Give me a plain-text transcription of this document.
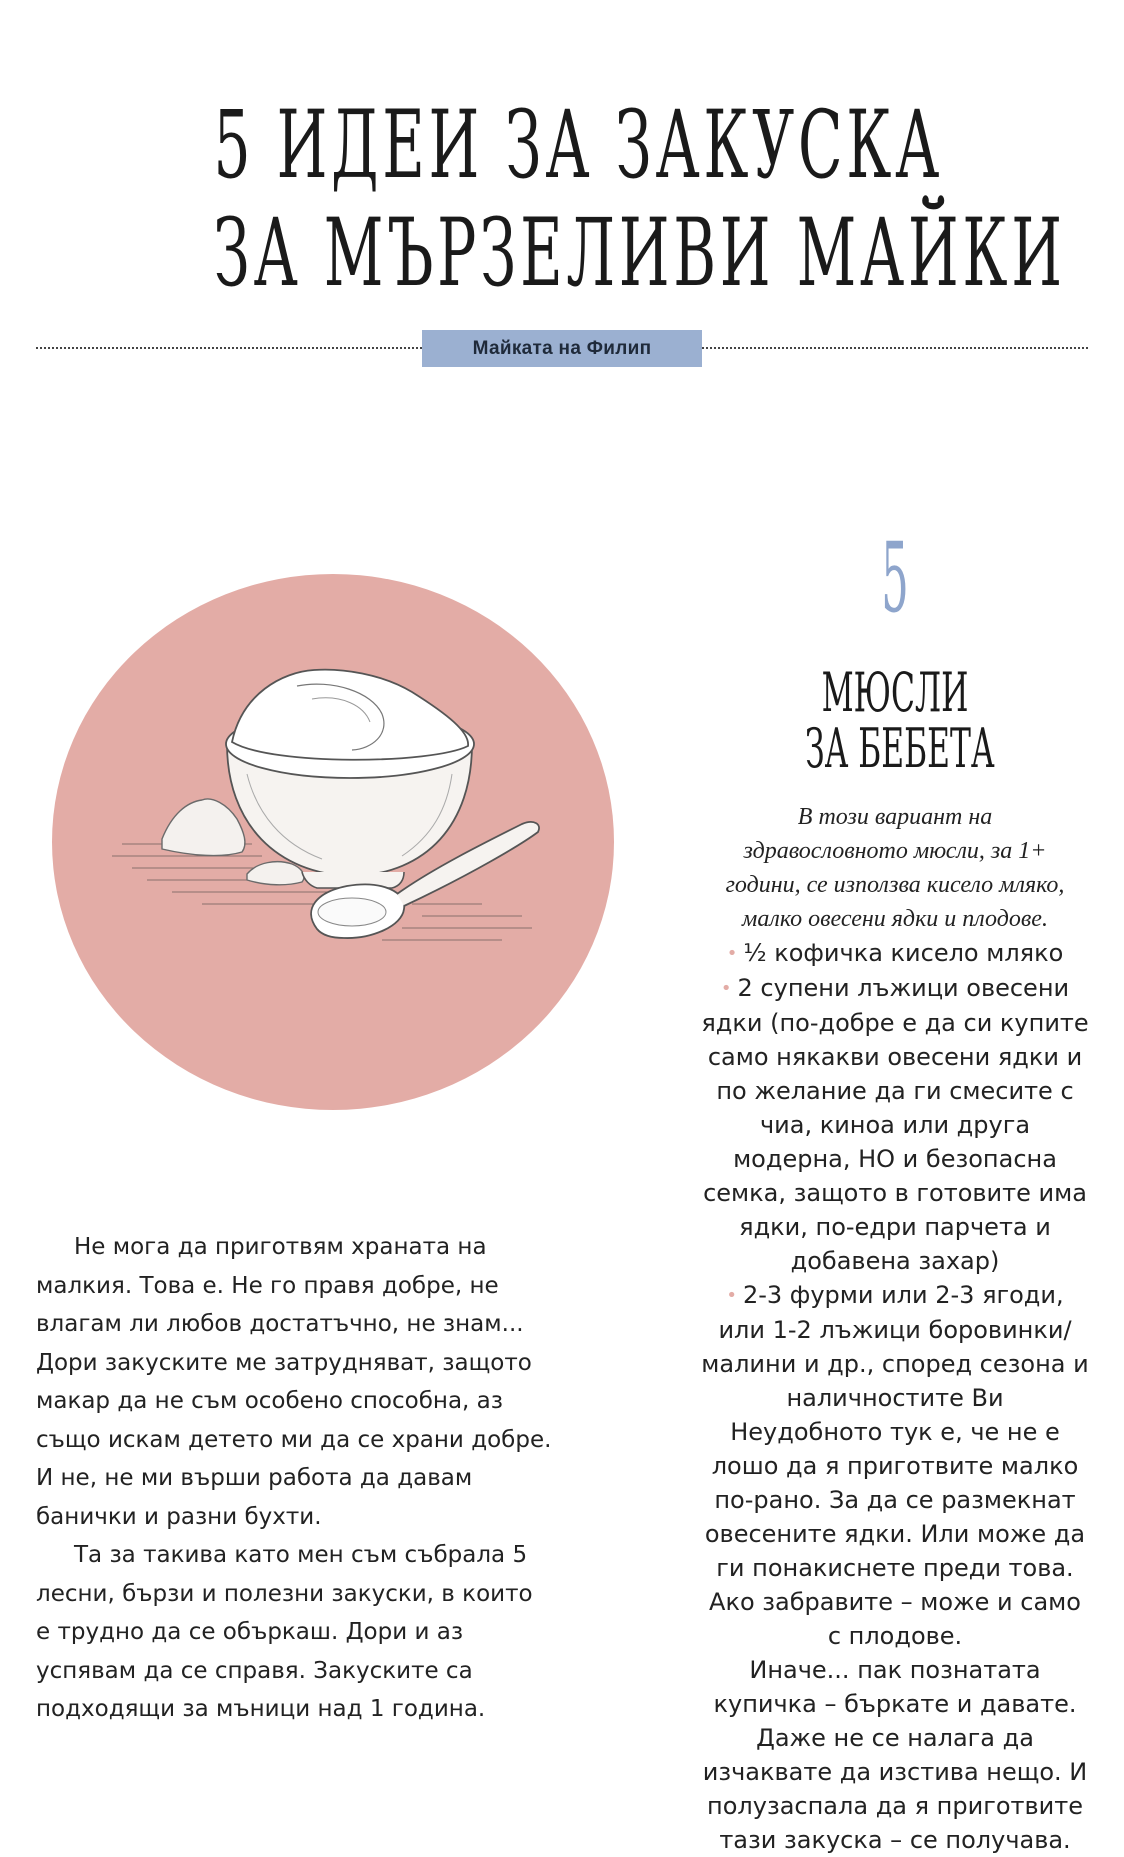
5 ИДЕИ ЗА ЗАКУСКА
ЗА МЪРЗЕЛИВИ МАЙКИ
Майката на Филип
5
МЮСЛИ
ЗА БЕБЕТА

В този вариант на здравословното мюсли, за 1+ години, се използва кисело мляко, малко овесени ядки и плодове.

• ½ кофичка кисело мляко

• 2 супени лъжици овесени ядки (по-добре е да си купите само някакви овесени ядки и по желание да ги смесите с чиа, киноа или друга модерна, НО и безопасна семка, защото в готовите има ядки, по-едри парчета и добавена захар)

• 2-3 фурми или 2-3 ягоди, или 1-2 лъжици боровинки/малини и др., според сезона и наличностите Ви

Неудобното тук е, че не е лошо да я приготвите малко по-рано. За да се размекнат овесените ядки. Или може да ги понакиснете преди това. Ако забравите – може и само с плодове.

Иначе... пак познатата купичка – бъркате и давате. Даже не се налага да изчаквате да изстива нещо. И полузаспала да я приготвите тази закуска – се получава.

Не мога да приготвям храната на малкия. Това е. Не го правя добре, не влагам ли любов достатъчно, не знам... Дори закуските ме затрудняват, защото макар да не съм особено способна, аз също искам детето ми да се храни добре. И не, не ми върши работа да давам банички и разни бухти.

Та за такива като мен съм събрала 5 лесни, бързи и полезни закуски, в които е трудно да се объркаш. Дори и аз успявам да се справя. Закуските са подходящи за мъници над 1 година.
